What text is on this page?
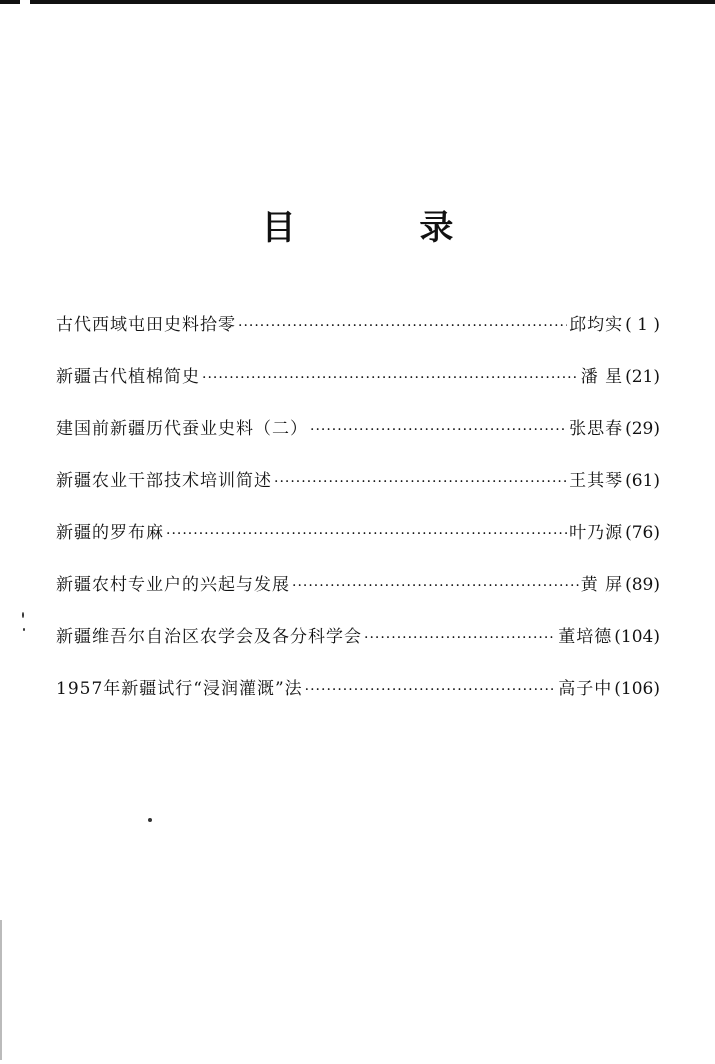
目 录
古代西域屯田史料拾零 ·····	邱均实 ( 1 )
新疆古代植棉简史 ·····	潘 星 (21)
建国前新疆历代蚕业史料（二） ·····	张思春 (29)
新疆农业干部技术培训简述 ·····	王其琴 (61)
新疆的罗布麻 ·····	叶乃源 (76)
新疆农村专业户的兴起与发展 ·····	黄 屏 (89)
新疆维吾尔自治区农学会及各分科学会 ·····	董培德 (104)
1957年新疆试行“浸润灌溉”法 ·····	高子中 (106)
